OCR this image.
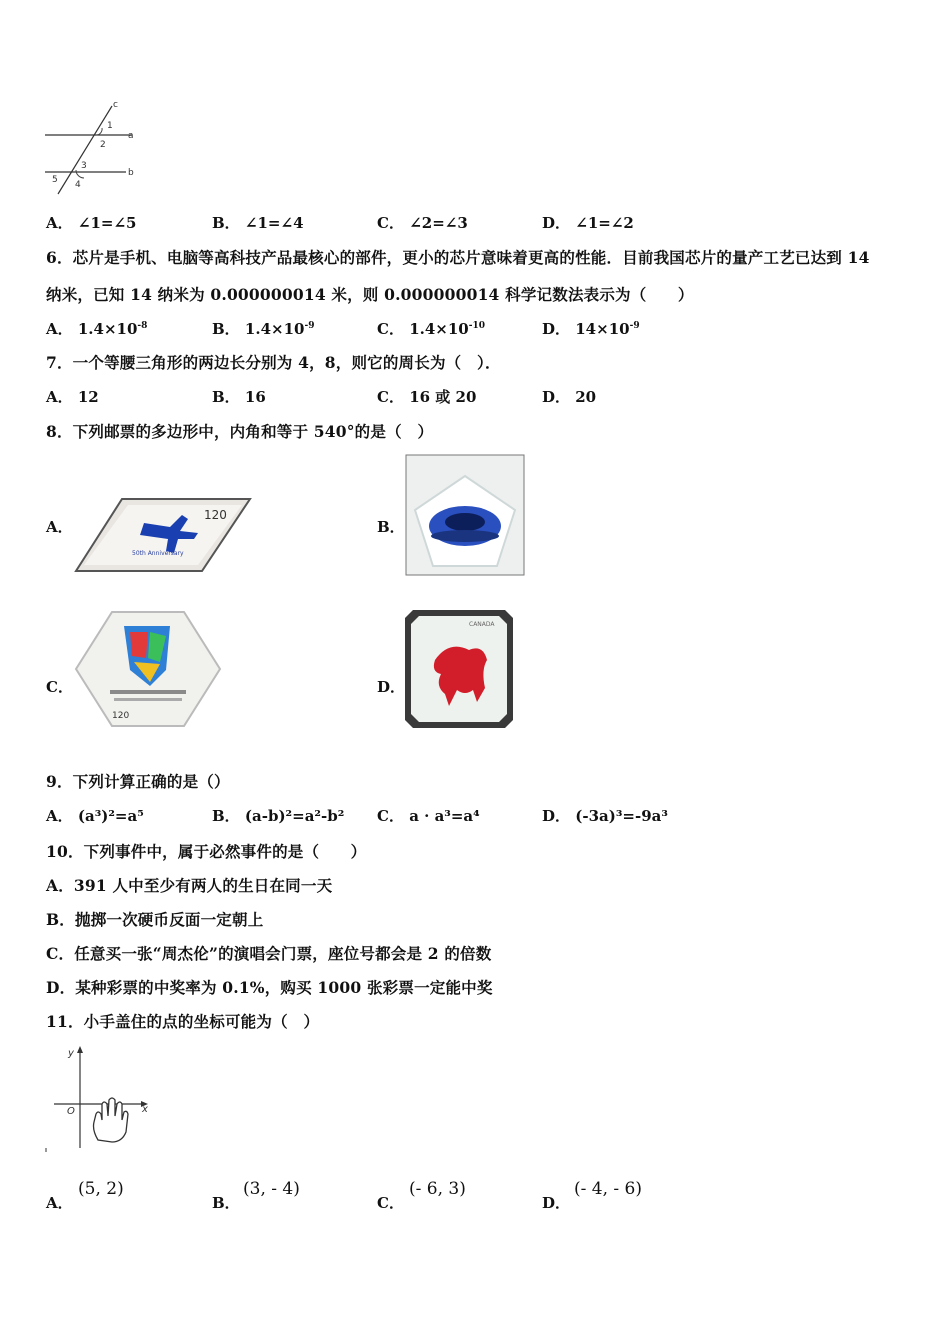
c
a
b
1
2
3
4
5
A． ∠1=∠5	B． ∠1=∠4	C． ∠2=∠3	D． ∠1=∠2
6．芯片是手机、电脑等高科技产品最核心的部件，更小的芯片意味着更高的性能．目前我国芯片的量产工艺已达到 14
纳米，已知 14 纳米为 0.000000014 米，则 0.000000014 科学记数法表示为（　　）
A． $1.4\times 10^{-8}$	B． $1.4\times 10^{-9}$	C． $1.4\times 10^{-10}$	D． $14\times 10^{-9}$
7．一个等腰三角形的两边长分别为 4，8，则它的周长为（　）．
A． 12	B． 16	C． 16 或 20	D． 20
8．下列邮票的多边形中，内角和等于 540°的是（　）
A．
120
50th Anniversary
B．
C．
120
D．
CANADA
9．下列计算正确的是（）
A． (a³)²=a⁵	B． (a-b)²=a²-b² C． a · a³=a⁴	D． (-3a)³=-9a³
10．下列事件中，属于必然事件的是（　　）
A．391 人中至少有两人的生日在同一天
B．抛掷一次硬币反面一定朝上
C．任意买一张“周杰伦”的演唱会门票，座位号都会是 2 的倍数
D．某种彩票的中奖率为 0.1%，购买 1000 张彩票一定能中奖
11．小手盖住的点的坐标可能为（　）
y
x
O
A．
(5, 2)
B．
(3, - 4)
C．
(- 6, 3)
D．
(- 4, - 6)
